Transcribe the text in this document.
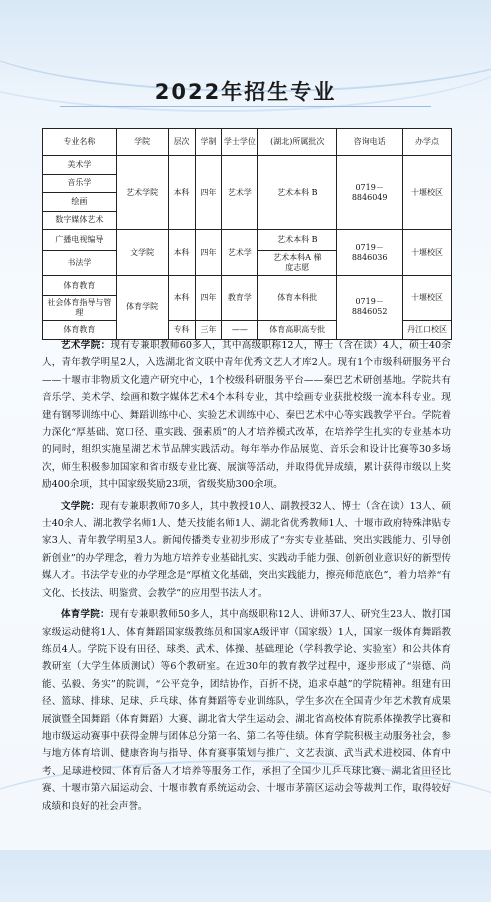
2022年招生专业
专业名称	学院	层次	学制	学士学位	(湖北)所属批次	咨询电话	办学点
美术学	艺术学院	本科	四年	艺术学	艺术本科 B	0719－8846049	十堰校区
音乐学							
绘画							
数字媒体艺术							
广播电视编导	文学院	本科	四年	艺术学	艺术本科 B	0719－8846036	十堰校区
书法学					艺术本科A 梯度志愿		
体育教育	体育学院	本科	四年	教育学	体育本科批	0719－8846052	十堰校区
社会体育指导与管理							
体育教育		专科	三年	——	体育高职高专批		丹江口校区

艺术学院：现有专兼职教师60多人，其中高级职称12人，博士（含在读）4人，硕士40余人，青年教学明星2人，入选湖北省文联中青年优秀文艺人才库2人。现有1个市级科研服务平台——十堰市非物质文化遗产研究中心，1个校级科研服务平台——秦巴艺术研创基地。学院共有音乐学、美术学、绘画和数字媒体艺术4个本科专业，其中绘画专业获批校级一流本科专业。现建有钢琴训练中心、舞蹈训练中心、实验艺术训练中心、秦巴艺术中心等实践教学平台。学院着力深化“厚基础、宽口径、重实践、强素质”的人才培养模式改革，在培养学生扎实的专业基本功的同时，组织实施星湖艺术节品牌实践活动。每年举办作品展览、音乐会和设计比赛等30多场次，师生积极参加国家和省市级专业比赛、展演等活动，并取得优异成绩，累计获得市级以上奖励400余项，其中国家级奖励23项，省级奖励300余项。

文学院：现有专兼职教师70多人，其中教授10人、副教授32人、博士（含在读）13人、硕士40余人、湖北教学名师1人、楚天技能名师1人、湖北省优秀教师1人、十堰市政府特殊津贴专家3人、青年教学明星3人。新闻传播类专业初步形成了“夯实专业基础、突出实践能力、引导创新创业”的办学理念，着力为地方培养专业基础扎实、实践动手能力强、创新创业意识好的新型传媒人才。书法学专业的办学理念是“厚植文化基础，突出实践能力，擦亮师范底色”，着力培养“有文化、长技法、明鉴赏、会教学”的应用型书法人才。

体育学院：现有专兼职教师50多人，其中高级职称12人、讲师37人、研究生23人、散打国家级运动健将1人、体育舞蹈国家级教练员和国家A级评审（国家级）1人，国家一级体育舞蹈教练员4人。学院下设有田径、球类、武术、体操、基础理论（学科教学论、实验室）和公共体育教研室（大学生体质测试）等6个教研室。在近30年的教育教学过程中，逐步形成了“崇德、尚能、弘毅、务实”的院训，“公平竞争，团结协作，百折不挠，追求卓越”的学院精神。组建有田径、篮球、排球、足球、乒乓球、体育舞蹈等专业训练队，学生多次在全国青少年艺术教育成果展演暨全国舞蹈（体育舞蹈）大赛、湖北省大学生运动会、湖北省高校体育院系体操教学比赛和地市级运动赛事中获得金牌与团体总分第一名、第二名等佳绩。体育学院积极主动服务社会，参与地方体育培训、健康咨询与指导、体育赛事策划与推广、文艺表演、武当武术进校园、体育中考、足球进校园、体育后备人才培养等服务工作，承担了全国少儿乒乓球比赛、湖北省田径比赛、十堰市第六届运动会、十堰市教育系统运动会、十堰市茅箭区运动会等裁判工作，取得较好成绩和良好的社会声誉。
